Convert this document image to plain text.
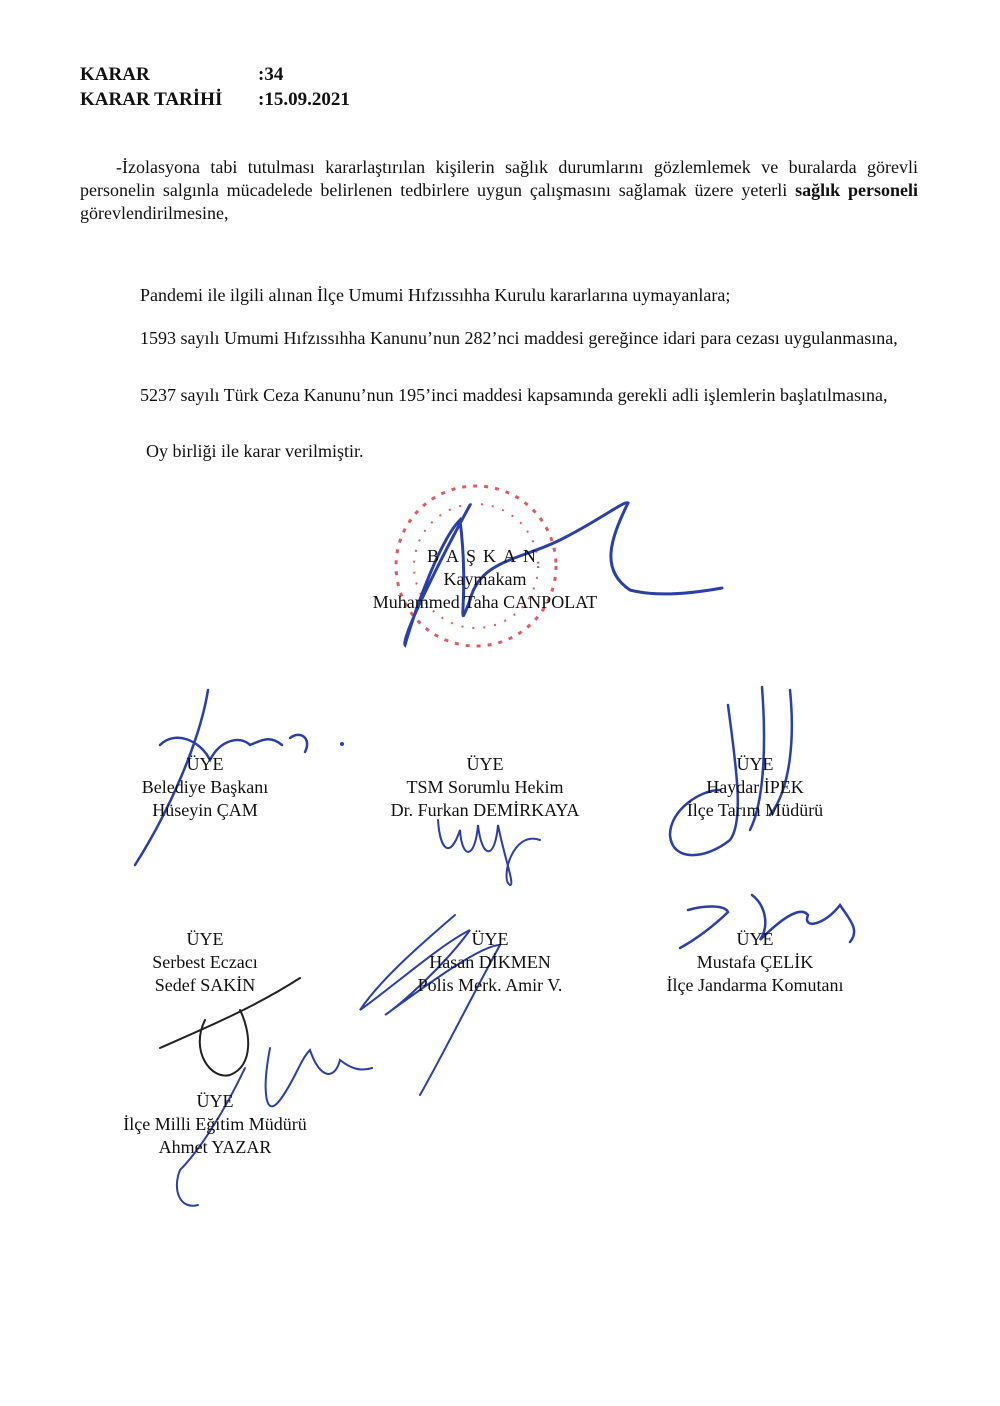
KARAR	:34
KARAR TARİHİ	:15.09.2021
-İzolasyona tabi tutulması kararlaştırılan kişilerin sağlık durumlarını gözlemlemek ve buralarda görevli personelin salgınla mücadelede belirlenen tedbirlere uygun çalışmasını sağlamak üzere yeterli sağlık personeli görevlendirilmesine,
Pandemi ile ilgili alınan İlçe Umumi Hıfzıssıhha Kurulu kararlarına uymayanlara;
1593 sayılı Umumi Hıfzıssıhha Kanunu’nun 282’nci maddesi gereğince idari para cezası uygulanmasına,
5237 sayılı Türk Ceza Kanunu’nun 195’inci maddesi kapsamında gerekli adli işlemlerin başlatılmasına,
Oy birliği ile karar verilmiştir.
BAŞKAN
Kaymakam
Muhammed Taha CANPOLAT
ÜYE
Belediye Başkanı
Hüseyin ÇAM
ÜYE
TSM Sorumlu Hekim
Dr. Furkan DEMİRKAYA
ÜYE
Haydar İPEK
İlçe Tarım Müdürü
ÜYE
Serbest Eczacı
Sedef SAKİN
ÜYE
Hasan DİKMEN
Polis Merk. Amir V.
ÜYE
Mustafa ÇELİK
İlçe Jandarma Komutanı
ÜYE
İlçe Milli Eğitim Müdürü
Ahmet YAZAR
